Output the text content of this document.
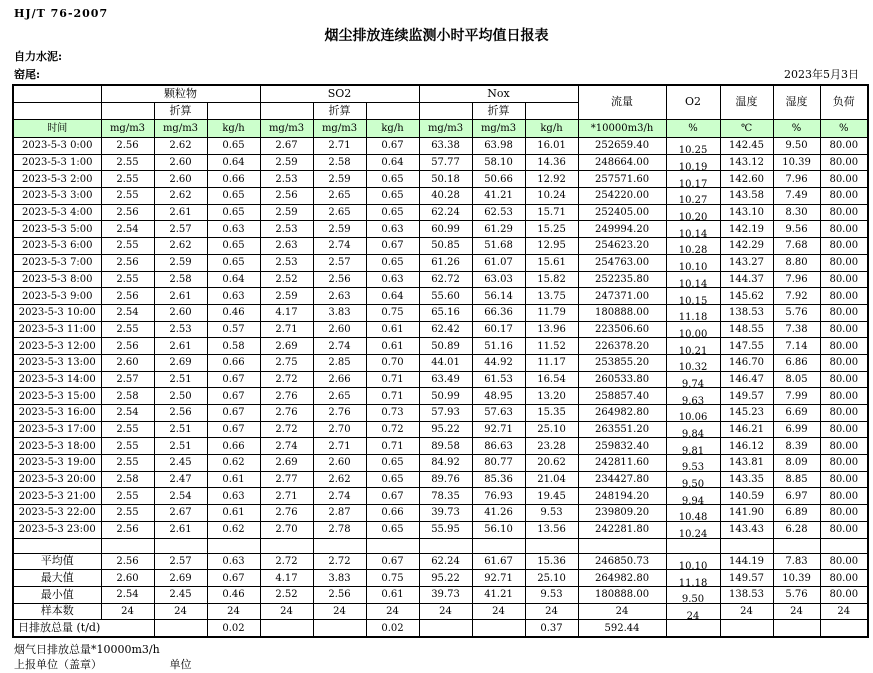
HJ/T 76-2007
烟尘排放连续监测小时平均值日报表
自力水泥:
窑尾:	2023年5月3日
	颗粒物			SO2			Nox			流量	O2	温度	湿度	负荷
		折算			折算			折算						
时间	mg/m3	mg/m3	kg/h	mg/m3	mg/m3	kg/h	mg/m3	mg/m3	kg/h	*10000m3/h	%	℃	%	%
2023-5-3 0:00	2.56	2.62	0.65	2.67	2.71	0.67	63.38	63.98	16.01	252659.40	10.25	142.45	9.50	80.00
2023-5-3 1:00	2.55	2.60	0.64	2.59	2.58	0.64	57.77	58.10	14.36	248664.00	10.19	143.12	10.39	80.00
2023-5-3 2:00	2.55	2.60	0.66	2.53	2.59	0.65	50.18	50.66	12.92	257571.60	10.17	142.60	7.96	80.00
2023-5-3 3:00	2.55	2.62	0.65	2.56	2.65	0.65	40.28	41.21	10.24	254220.00	10.27	143.58	7.49	80.00
2023-5-3 4:00	2.56	2.61	0.65	2.59	2.65	0.65	62.24	62.53	15.71	252405.00	10.20	143.10	8.30	80.00
2023-5-3 5:00	2.54	2.57	0.63	2.53	2.59	0.63	60.99	61.29	15.25	249994.20	10.14	142.19	9.56	80.00
2023-5-3 6:00	2.55	2.62	0.65	2.63	2.74	0.67	50.85	51.68	12.95	254623.20	10.28	142.29	7.68	80.00
2023-5-3 7:00	2.56	2.59	0.65	2.53	2.57	0.65	61.26	61.07	15.61	254763.00	10.10	143.27	8.80	80.00
2023-5-3 8:00	2.55	2.58	0.64	2.52	2.56	0.63	62.72	63.03	15.82	252235.80	10.14	144.37	7.96	80.00
2023-5-3 9:00	2.56	2.61	0.63	2.59	2.63	0.64	55.60	56.14	13.75	247371.00	10.15	145.62	7.92	80.00
2023-5-3 10:00	2.54	2.60	0.46	4.17	3.83	0.75	65.16	66.36	11.79	180888.00	11.18	138.53	5.76	80.00
2023-5-3 11:00	2.55	2.53	0.57	2.71	2.60	0.61	62.42	60.17	13.96	223506.60	10.00	148.55	7.38	80.00
2023-5-3 12:00	2.56	2.61	0.58	2.69	2.74	0.61	50.89	51.16	11.52	226378.20	10.21	147.55	7.14	80.00
2023-5-3 13:00	2.60	2.69	0.66	2.75	2.85	0.70	44.01	44.92	11.17	253855.20	10.32	146.70	6.86	80.00
2023-5-3 14:00	2.57	2.51	0.67	2.72	2.66	0.71	63.49	61.53	16.54	260533.80	9.74	146.47	8.05	80.00
2023-5-3 15:00	2.58	2.50	0.67	2.76	2.65	0.71	50.99	48.95	13.20	258857.40	9.63	149.57	7.99	80.00
2023-5-3 16:00	2.54	2.56	0.67	2.76	2.76	0.73	57.93	57.63	15.35	264982.80	10.06	145.23	6.69	80.00
2023-5-3 17:00	2.55	2.51	0.67	2.72	2.70	0.72	95.22	92.71	25.10	263551.20	9.84	146.21	6.99	80.00
2023-5-3 18:00	2.55	2.51	0.66	2.74	2.71	0.71	89.58	86.63	23.28	259832.40	9.81	146.12	8.39	80.00
2023-5-3 19:00	2.55	2.45	0.62	2.69	2.60	0.65	84.92	80.77	20.62	242811.60	9.53	143.81	8.09	80.00
2023-5-3 20:00	2.58	2.47	0.61	2.77	2.62	0.65	89.76	85.36	21.04	234427.80	9.50	143.35	8.85	80.00
2023-5-3 21:00	2.55	2.54	0.63	2.71	2.74	0.67	78.35	76.93	19.45	248194.20	9.94	140.59	6.97	80.00
2023-5-3 22:00	2.55	2.67	0.61	2.76	2.87	0.66	39.73	41.26	9.53	239809.20	10.48	141.90	6.89	80.00
2023-5-3 23:00	2.56	2.61	0.62	2.70	2.78	0.65	55.95	56.10	13.56	242281.80	10.24	143.43	6.28	80.00

平均值	2.56	2.57	0.63	2.72	2.72	0.67	62.24	61.67	15.36	246850.73	10.10	144.19	7.83	80.00
最大值	2.60	2.69	0.67	4.17	3.83	0.75	95.22	92.71	25.10	264982.80	11.18	149.57	10.39	80.00
最小值	2.54	2.45	0.46	2.52	2.56	0.61	39.73	41.21	9.53	180888.00	9.50	138.53	5.76	80.00
样本数	24	24	24	24	24	24	24	24	24	24	24	24	24	24
日排放总量 (t/d)			0.02			0.02			0.37	592.44				
烟气日排放总量*10000m3/h
上报单位（盖章）	单位
